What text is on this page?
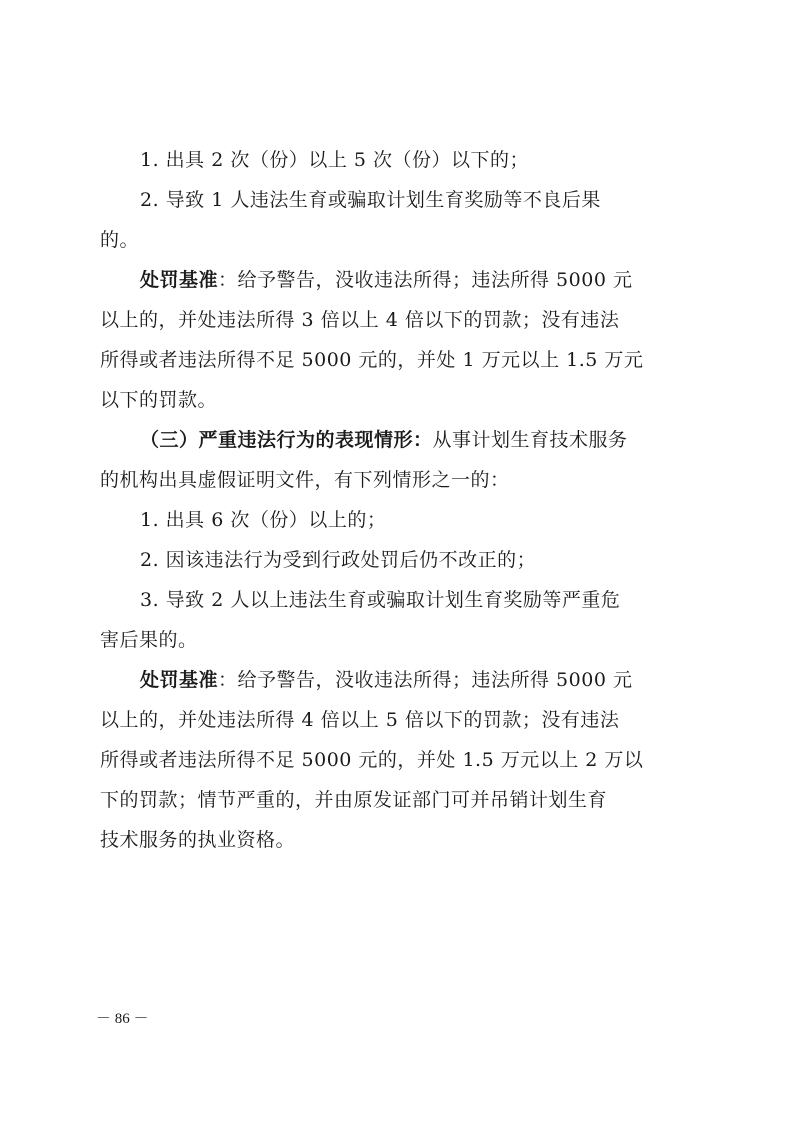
1. 出具 2 次（份）以上 5 次（份）以下的；
2. 导致 1 人违法生育或骗取计划生育奖励等不良后果
的。
处罚基准：给予警告，没收违法所得；违法所得 5000 元
以上的，并处违法所得 3 倍以上 4 倍以下的罚款；没有违法
所得或者违法所得不足 5000 元的，并处 1 万元以上 1.5 万元
以下的罚款。
（三）严重违法行为的表现情形：从事计划生育技术服务
的机构出具虚假证明文件，有下列情形之一的：
1. 出具 6 次（份）以上的；
2. 因该违法行为受到行政处罚后仍不改正的；
3. 导致 2 人以上违法生育或骗取计划生育奖励等严重危
害后果的。
处罚基准：给予警告，没收违法所得；违法所得 5000 元
以上的，并处违法所得 4 倍以上 5 倍以下的罚款；没有违法
所得或者违法所得不足 5000 元的，并处 1.5 万元以上 2 万以
下的罚款；情节严重的，并由原发证部门可并吊销计划生育
技术服务的执业资格。
－ 86 －
